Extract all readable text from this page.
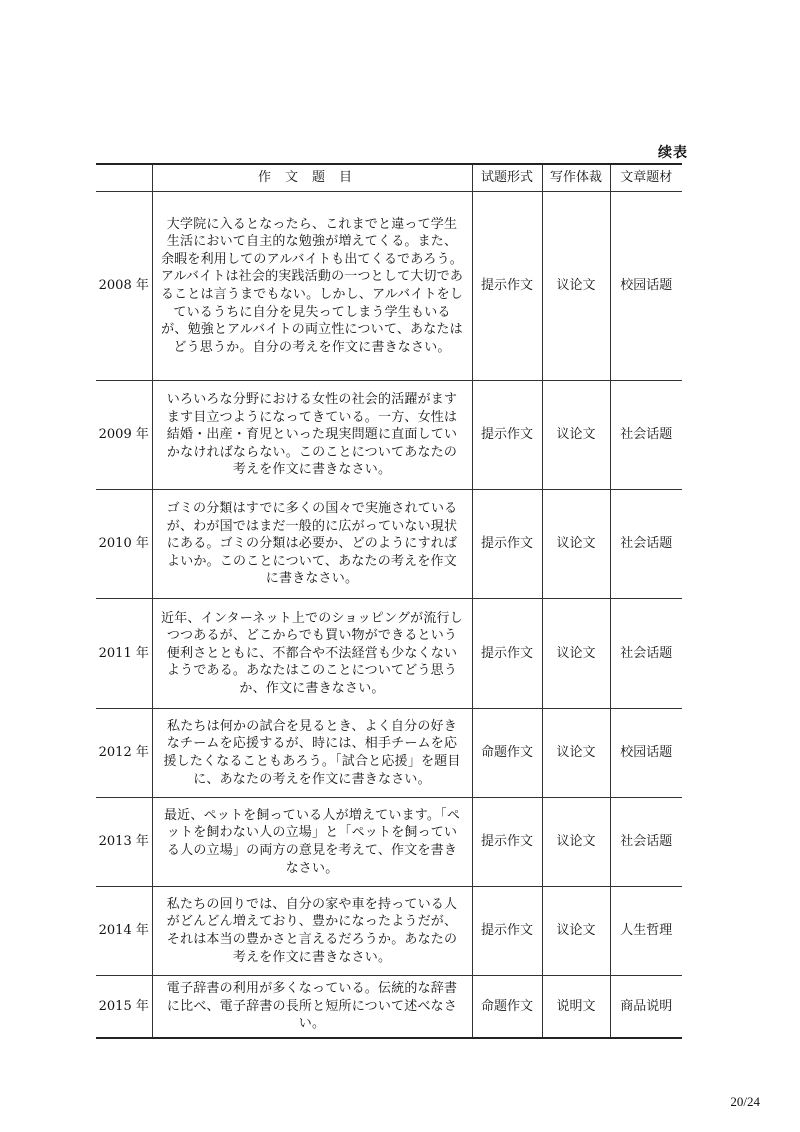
续表
	作文题目	试题形式	写作体裁	文章题材
2008 年	大学院に入るとなったら、これまでと違って学生生活において自主的な勉強が増えてくる。また、余暇を利用してのアルバイトも出てくるであろう。アルバイトは社会的実践活動の一つとして大切であることは言うまでもない。しかし、アルバイトをしているうちに自分を見失ってしまう学生もいるが、勉強とアルバイトの両立性について、あなたはどう思うか。自分の考えを作文に書きなさい。	提示作文	议论文	校园话题
2009 年	いろいろな分野における女性の社会的活躍がますます目立つようになってきている。一方、女性は結婚・出産・育児といった現実問題に直面していかなければならない。このことについてあなたの考えを作文に書きなさい。	提示作文	议论文	社会话题
2010 年	ゴミの分類はすでに多くの国々で実施されているが、わが国ではまだ一般的に広がっていない現状にある。ゴミの分類は必要か、どのようにすればよいか。このことについて、あなたの考えを作文に書きなさい。	提示作文	议论文	社会话题
2011 年	近年、インターネット上でのショッピングが流行しつつあるが、どこからでも買い物ができるという便利さとともに、不都合や不法経営も少なくないようである。あなたはこのことについてどう思うか、作文に書きなさい。	提示作文	议论文	社会话题
2012 年	私たちは何かの試合を見るとき、よく自分の好きなチームを応援するが、時には、相手チームを応援したくなることもあろう。「試合と応援」を題目に、あなたの考えを作文に書きなさい。	命题作文	议论文	校园话题
2013 年	最近、ペットを飼っている人が増えています。「ペットを飼わない人の立場」と「ペットを飼っている人の立場」の両方の意見を考えて、作文を書きなさい。	提示作文	议论文	社会话题
2014 年	私たちの回りでは、自分の家や車を持っている人がどんどん増えており、豊かになったようだが、それは本当の豊かさと言えるだろうか。あなたの考えを作文に書きなさい。	提示作文	议论文	人生哲理
2015 年	電子辞書の利用が多くなっている。伝統的な辞書に比べ、電子辞書の長所と短所について述べなさい。	命题作文	说明文	商品说明
20/24
